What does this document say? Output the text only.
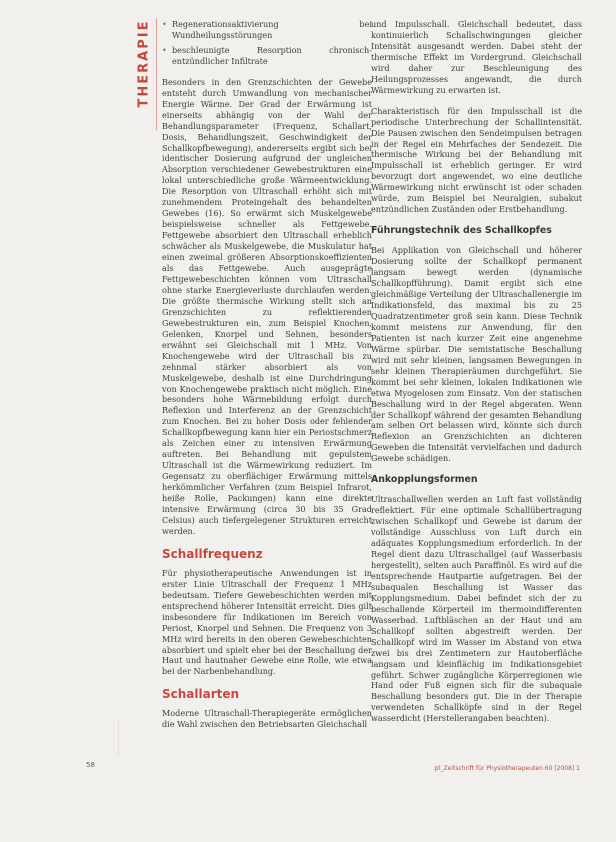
THERAPIE
•	Regenerationsaktivierung bei Wundheilungsstörungen
• beschleunigte Resorption chronisch-entzündlicher Infiltrate

Besonders in den Grenzschichten der Gewebe entsteht durch Umwandlung von mechanischer Energie Wärme. Der Grad der Erwärmung ist einerseits abhängig von der Wahl der Behandlungsparameter (Frequenz, Schallart, Dosis, Behandlungszeit, Geschwindigkeit der Schallkopfbewegung), andererseits ergibt sich bei identischer Dosierung aufgrund der ungleichen Absorption verschiedener Gewebestrukturen eine lokal unterschiedliche große Wärmeentwicklung. Die Resorption von Ultraschall erhöht sich mit zunehmendem Proteingehalt des behandelten Gewebes (16). So erwärmt sich Muskelgewebe beispielsweise schneller als Fettgewebe. Fettgewebe absorbiert den Ultraschall erheblich schwächer als Muskelgewebe, die Muskulatur hat einen zweimal größeren Absorptionskoeffizienten als das Fettgewebe. Auch ausgeprägte Fettgewebeschichten können vom Ultraschall ohne starke Energieverluste durchlaufen werden. Die größte thermische Wirkung stellt sich an Grenzschichten zu reflektierenden Gewebestrukturen ein, zum Beispiel Knochen, Gelenken, Knorpel und Sehnen, besonders erwähnt sei Gleichschall mit 1 MHz. Von Knochengewebe wird der Ultraschall bis zu zehnmal stärker absorbiert als von Muskelgewebe, deshalb ist eine Durchdringung von Knochengewebe praktisch nicht möglich. Eine besonders hohe Wärmebildung erfolgt durch Reflexion und Interferenz an der Grenzschicht zum Knochen. Bei zu hoher Dosis oder fehlender Schallkopfbewegung kann hier ein Periostschmerz als Zeichen einer zu intensiven Erwärmung auftreten. Bei Behandlung mit gepulstem Ultraschall ist die Wärmewirkung reduziert. Im Gegensatz zu oberflächiger Erwärmung mittels herkömmlicher Verfahren (zum Beispiel Infrarot, heiße Rolle, Packungen) kann eine direkte intensive Erwärmung (circa 30 bis 35 Grad Celsius) auch tiefergelegener Strukturen erreicht werden.

Schallfrequenz

Für physiotherapeutische Anwendungen ist in erster Linie Ultraschall der Frequenz 1 MHz bedeutsam. Tiefere Gewebeschichten werden mit entsprechend höherer Intensität erreicht. Dies gilt insbesondere für Indikationen im Bereich von Periost, Knorpel und Sehnen. Die Frequenz von 3 MHz wird bereits in den oberen Gewebeschichten absorbiert und spielt eher bei der Beschallung der Haut und hautnaher Gewebe eine Rolle, wie etwa bei der Narbenbehandlung.

Schallarten

Moderne Ultraschall-Therapiegeräte ermöglichen die Wahl zwischen den Betriebsarten Gleichschall

und Impulsschall. Gleichschall bedeutet, dass kontinuierlich Schallschwingungen gleicher Intensität ausgesandt werden. Dabei steht der thermische Effekt im Vordergrund. Gleichschall wird daher zur Beschleunigung des Heilungsprozesses angewandt, die durch Wärmewirkung zu erwarten ist.

Charakteristisch für den Impulsschall ist die periodische Unterbrechung der Schallintensität. Die Pausen zwischen den Sendeimpulsen betragen in der Regel ein Mehrfaches der Sendezeit. Die thermische Wirkung bei der Behandlung mit Impulsschall ist erheblich geringer. Er wird bevorzugt dort angewendet, wo eine deutliche Wärmewirkung nicht erwünscht ist oder schaden würde, zum Beispiel bei Neuralgien, subakut entzündlichen Zuständen oder Erstbehandlung.

Führungstechnik des Schallkopfes

Bei Applikation von Gleichschall und höherer Dosierung sollte der Schallkopf permanent langsam bewegt werden (dynamische Schallkopfführung). Damit ergibt sich eine gleichmäßige Verteilung der Ultraschallenergie im Indikationsfeld, das maximal bis zu 25 Quadratzentimeter groß sein kann. Diese Technik kommt meistens zur Anwendung, für den Patienten ist nach kurzer Zeit eine angenehme Wärme spürbar. Die semistatische Beschallung wird mit sehr kleinen, langsamen Bewegungen in sehr kleinen Therapieräumen durchgeführt. Sie kommt bei sehr kleinen, lokalen Indikationen wie etwa Myogelosen zum Einsatz. Von der statischen Beschallung wird in der Regel abgeraten. Wenn der Schallkopf während der gesamten Behandlung am selben Ort belassen wird, könnte sich durch Reflexion an Grenzschichten an dichteren Geweben die Intensität vervielfachen und dadurch Gewebe schädigen.

Ankopplungsformen

Ultraschallwellen werden an Luft fast vollständig reflektiert. Für eine optimale Schallübertragung zwischen Schallkopf und Gewebe ist darum der vollständige Ausschluss von Luft durch ein adäquates Kopplungsmedium erforderlich. In der Regel dient dazu Ultraschallgel (auf Wasserbasis hergestellt), selten auch Paraffinöl. Es wird auf die entsprechende Hautpartie aufgetragen. Bei der subaqualen Beschallung ist Wasser das Kopplungsmedium. Dabei befindet sich der zu beschallende Körperteil im thermoindifferenten Wasserbad. Luftbläschen an der Haut und am Schallkopf sollten abgestreift werden. Der Schallkopf wird im Wasser im Abstand von etwa zwei bis drei Zentimetern zur Hautoberfläche langsam und kleinflächig im Indikationsgebiet geführt. Schwer zugängliche Körperregionen wie Hand oder Fuß eignen sich für die subaquale Beschallung besonders gut. Die in der Therapie verwendeten Schallköpfe sind in der Regel wasserdicht (Herstellerangaben beachten).

58	pt_Zeitschrift für Physiotherapeuten 60 [2008] 1
